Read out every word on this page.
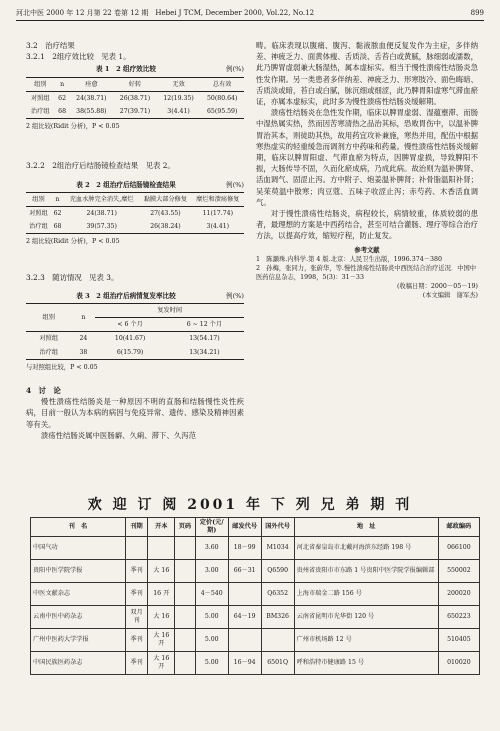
河北中医 2000 年 12 月第 22 卷第 12 期　Hebei J TCM, December 2000, Vol.22, No.12	899
3.2　治疗结果
3.2.1　2组疗效比较　见表 1。
表 1　2 组疗效比较	例(%)
组别	n	痊愈	好转	无效	总有效
对照组	62	24(38.71)	26(38.71)	12(19.35)	50(80.64)
治疗组	68	38(55.88)	27(39.71)	3(4.41)	65(95.59)
2 组比较(Ridit 分析)，P < 0.05
3.2.2　2组治疗后结肠镜检查结果　见表 2。
表 2　2 组治疗后结肠镜检查结果	例(%)
组别	n	充血水肿完全消失,糜烂	黏膜大部分修复	糜烂和溃疡修复
对照组	62	24(38.71)	27(43.55)	11(17.74)
治疗组	68	39(57.35)	26(38.24)	3(4.41)
2 组比较(Ridit 分析)，P < 0.05
3.2.3　随访情况　见表 3。
表 3　2 组治疗后病情复发率比较	例(%)
组别	n	复发时间	
		< 6 个月	6 ~ 12 个月
对照组	24	10(41.67)	13(54.17)
治疗组	38	6(15.79)	13(34.21)
与对照组比较，P < 0.05
4　讨　论

慢性溃疡性结肠炎是一种原因不明的直肠和结肠慢性炎性疾病，目前一般认为本病的病因与免疫异常、遗传、感染及精神因素等有关。

溃疡性结肠炎属中医肠癖、久痢、滞下、久泻范

畴。临床表现以腹痛、腹泻、黏液脓血便反复发作为主症，多伴纳差、神疲乏力、面黄体瘦、舌质淡、舌苔白或黄腻，脉细弱或濡数，此乃脾胃虚弱兼大肠湿热，属本虚标实。相当于慢性溃疡性结肠炎急性发作期。另一类患者多伴纳差、神疲乏力、形寒肢冷、面色晦暗、舌质淡或暗，苔白或白腻，脉沉细或细涩，此乃脾胃阳虚寒气滞血瘀证，亦属本虚标实，此时多为慢性溃疡性结肠炎缓解期。

溃疡性结肠炎在急性发作期，临床以脾胃虚弱、湿蕴壅滞、而肠中湿热属实热，然而因苦寒清热之品治其标，恐败胃伤中，以温补脾胃治其本，则徒助其热，故用药宜攻补兼施，寒热并用，配伍中根据寒热虚实的轻重缓急而调剂方中药味和药量。慢性溃疡性结肠炎缓解期，临床以脾胃阳虚、气滞血瘀为特点，因脾胃虚损，导致脾阳不振，大肠传导不固，久而化瘀成病，乃成此病。故治则为温补脾肾、活血调气、固涩止泻。方中附子、炮姜温补脾肾；补骨脂温阳补肾；吴茱萸温中散寒；肉豆蔻、五味子收涩止泻；赤芍药、木香活血调气。

对于慢性溃疡性结肠炎，病程较长，病情较重，体质较弱的患者，最理想的方案是中西药结合，甚至可结合灌肠、理疗等综合治疗方法，以提高疗效，缩短疗程，防止复发。

参考文献
1　陈灏珠.内科学.第 4 版.北京：人民卫生出版，1996.374－380
2　孙梅，张同力，张蔚华，等.慢性溃疡性结肠炎中西医结合治疗近况．中国中医药信息杂志，1998，5(3)：31－33
(收稿日期：2000－05－19)
(本文编辑　谢军杰)
欢 迎 订 阅 2001 年 下 列 兄 弟 期 刊
刊　名	刊期	开本	页码	定价(元/期)	邮发代号	国外代号	地　址	邮政编码
中国气功				3.60	18－99	M1034	河北省秦皇岛市北戴河海滨东经路 198 号	066100
贵阳中医学院学报	季刊	大 16		3.00	66－31	Q6590	贵州省贵阳市市东路 1 号贵阳中医学院学报编辑部	550002
中医文献杂志	季刊	16 开		4－540		Q6352	上海市瑞金二路 156 号	200020
云南中医中药杂志	双月刊	大 16		5.00	64－19	BM326	云南省昆明市光华街 120 号	650223
广州中医药大学学报	季刊	大 16 开		5.00			广州市机场路 12 号	510405
中国民族医药杂志	季刊	大 16 开		5.00	16－94	6501Q	呼和浩特市健康路 15 号	010020
